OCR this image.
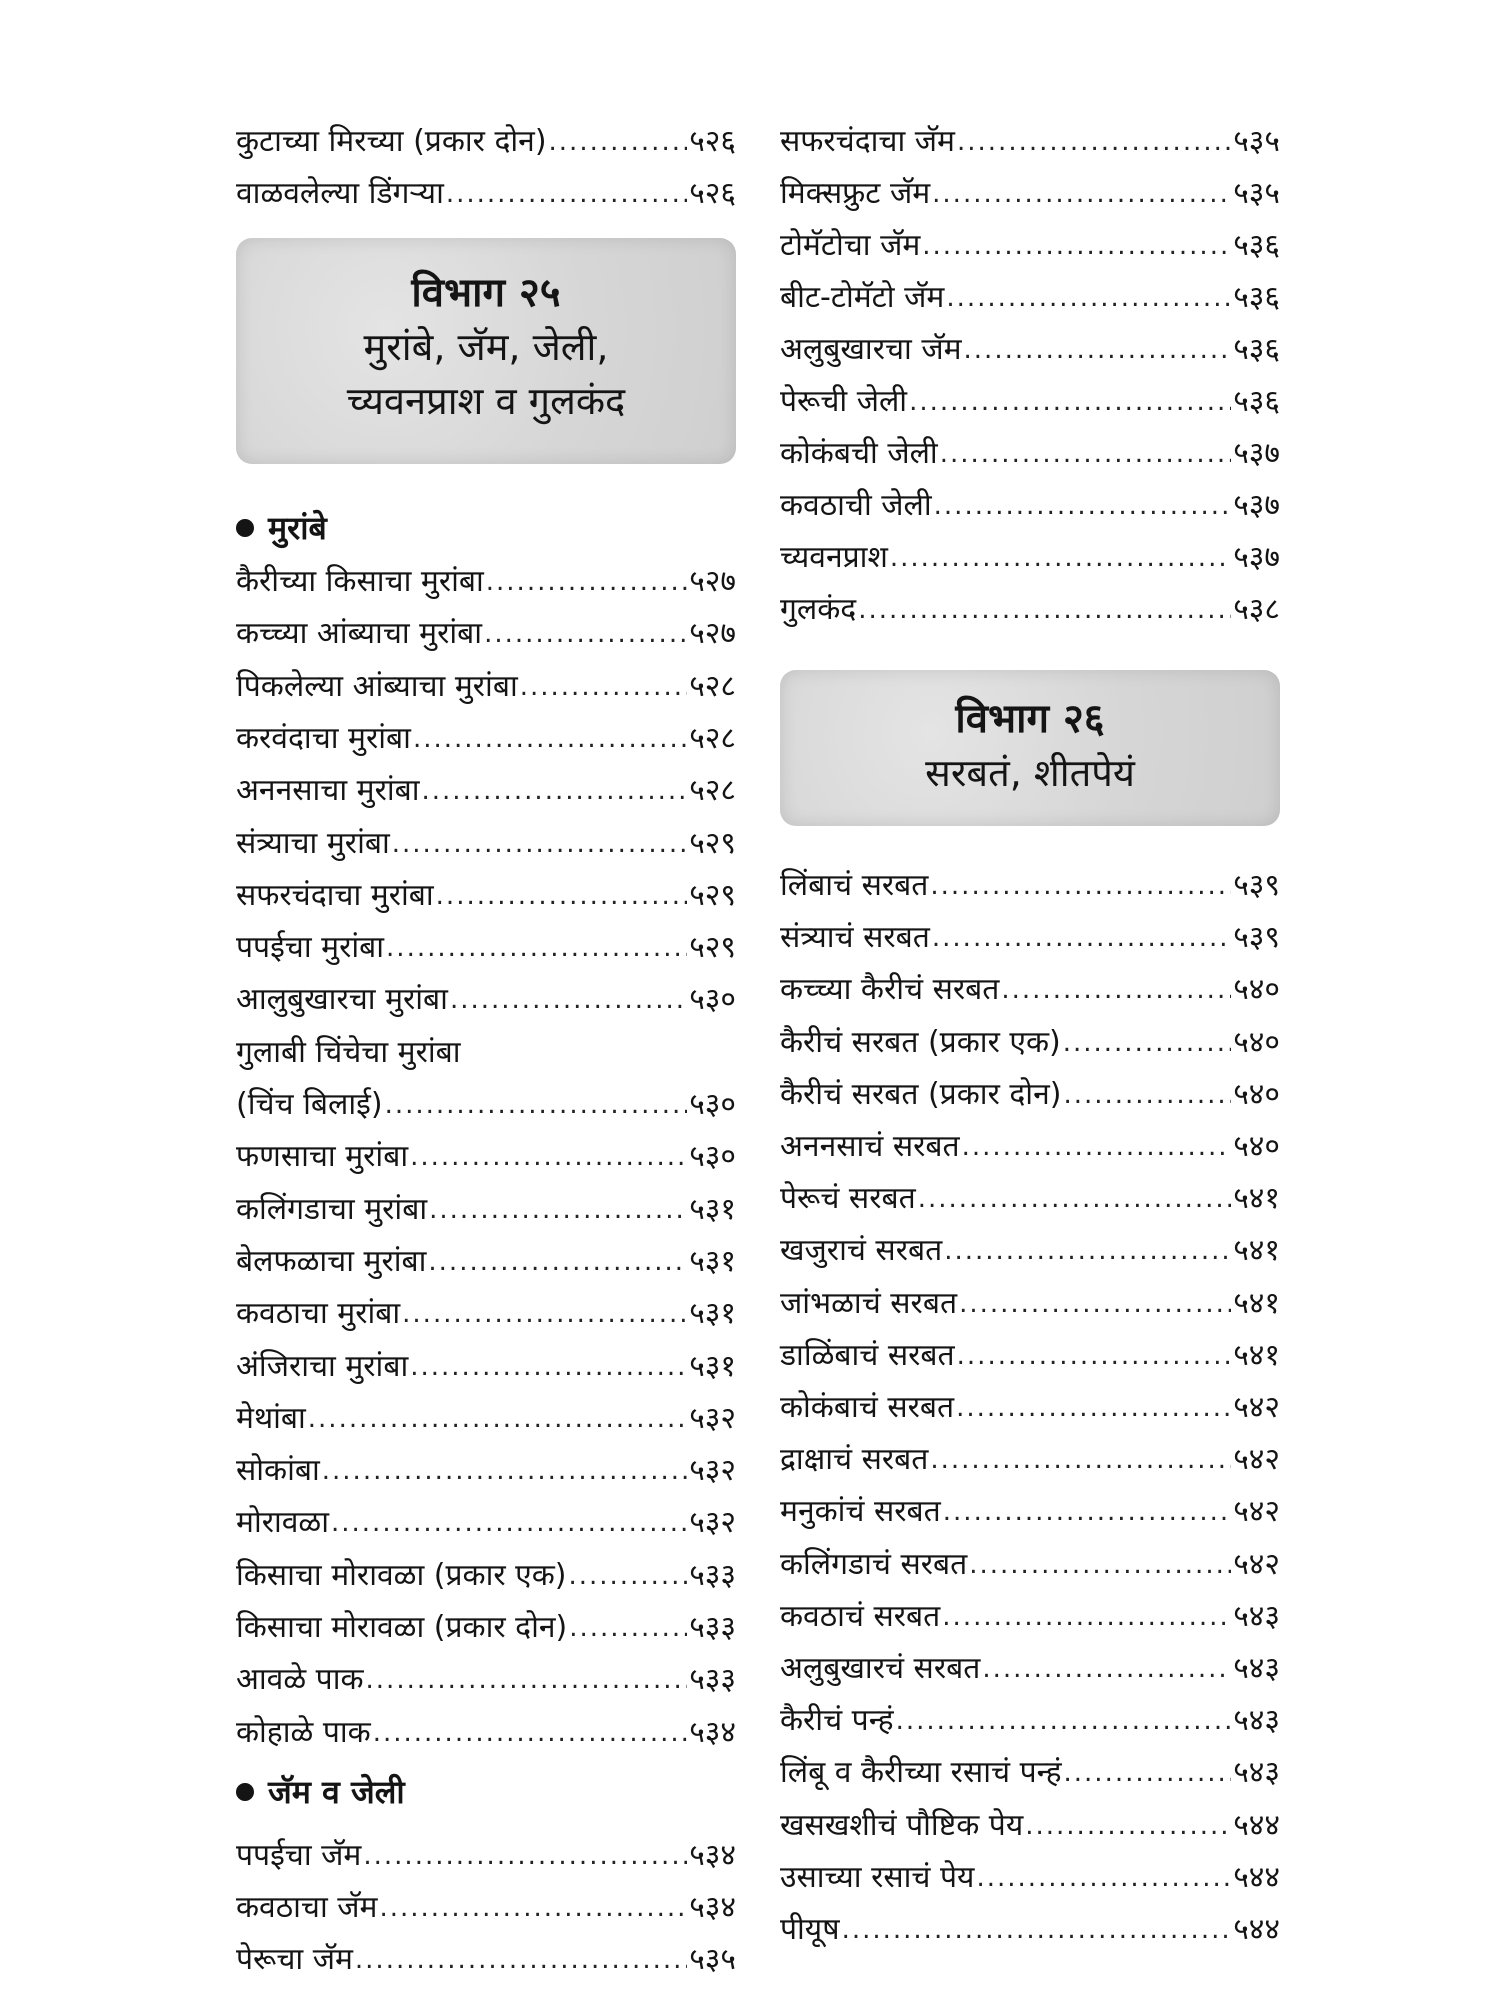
कुटाच्या मिरच्या (प्रकार दोन) .....	५२६
वाळवलेल्या डिंगऱ्या .....	५२६
विभाग २५
मुरांबे, जॅम, जेली,
च्यवनप्राश व गुलकंद
मुरांबे
कैरीच्या किसाचा मुरांबा .....	५२७
कच्च्या आंब्याचा मुरांबा .....	५२७
पिकलेल्या आंब्याचा मुरांबा .....	५२८
करवंदाचा मुरांबा .....	५२८
अननसाचा मुरांबा .....	५२८
संत्र्याचा मुरांबा .....	५२९
सफरचंदाचा मुरांबा .....	५२९
पपईचा मुरांबा .....	५२९
आलुबुखारचा मुरांबा .....	५३०
गुलाबी चिंचेचा मुरांबा
(चिंच बिलाई) .....	५३०
फणसाचा मुरांबा .....	५३०
कलिंगडाचा मुरांबा .....	५३१
बेलफळाचा मुरांबा .....	५३१
कवठाचा मुरांबा .....	५३१
अंजिराचा मुरांबा .....	५३१
मेथांबा .....	५३२
सोकांबा .....	५३२
मोरावळा .....	५३२
किसाचा मोरावळा (प्रकार एक) .....	५३३
किसाचा मोरावळा (प्रकार दोन) .....	५३३
आवळे पाक .....	५३३
कोहाळे पाक .....	५३४
जॅम व जेली
पपईचा जॅम .....	५३४
कवठाचा जॅम .....	५३४
पेरूचा जॅम .....	५३५
सफरचंदाचा जॅम .....	५३५
मिक्सफ्रुट जॅम .....	५३५
टोमॅटोचा जॅम .....	५३६
बीट-टोमॅटो जॅम .....	५३६
अलुबुखारचा जॅम .....	५३६
पेरूची जेली .....	५३६
कोकंबची जेली .....	५३७
कवठाची जेली .....	५३७
च्यवनप्राश .....	५३७
गुलकंद .....	५३८
विभाग २६
सरबतं, शीतपेयं
लिंबाचं सरबत .....	५३९
संत्र्याचं सरबत .....	५३९
कच्च्या कैरीचं सरबत .....	५४०
कैरीचं सरबत (प्रकार एक) .....	५४०
कैरीचं सरबत (प्रकार दोन) .....	५४०
अननसाचं सरबत .....	५४०
पेरूचं सरबत .....	५४१
खजुराचं सरबत .....	५४१
जांभळाचं सरबत .....	५४१
डाळिंबाचं सरबत .....	५४१
कोकंबाचं सरबत .....	५४२
द्राक्षाचं सरबत .....	५४२
मनुकांचं सरबत .....	५४२
कलिंगडाचं सरबत .....	५४२
कवठाचं सरबत .....	५४३
अलुबुखारचं सरबत .....	५४३
कैरीचं पन्हं .....	५४३
लिंबू व कैरीच्या रसाचं पन्हं .....	५४३
खसखशीचं पौष्टिक पेय .....	५४४
उसाच्या रसाचं पेय .....	५४४
पीयूष .....	५४४
